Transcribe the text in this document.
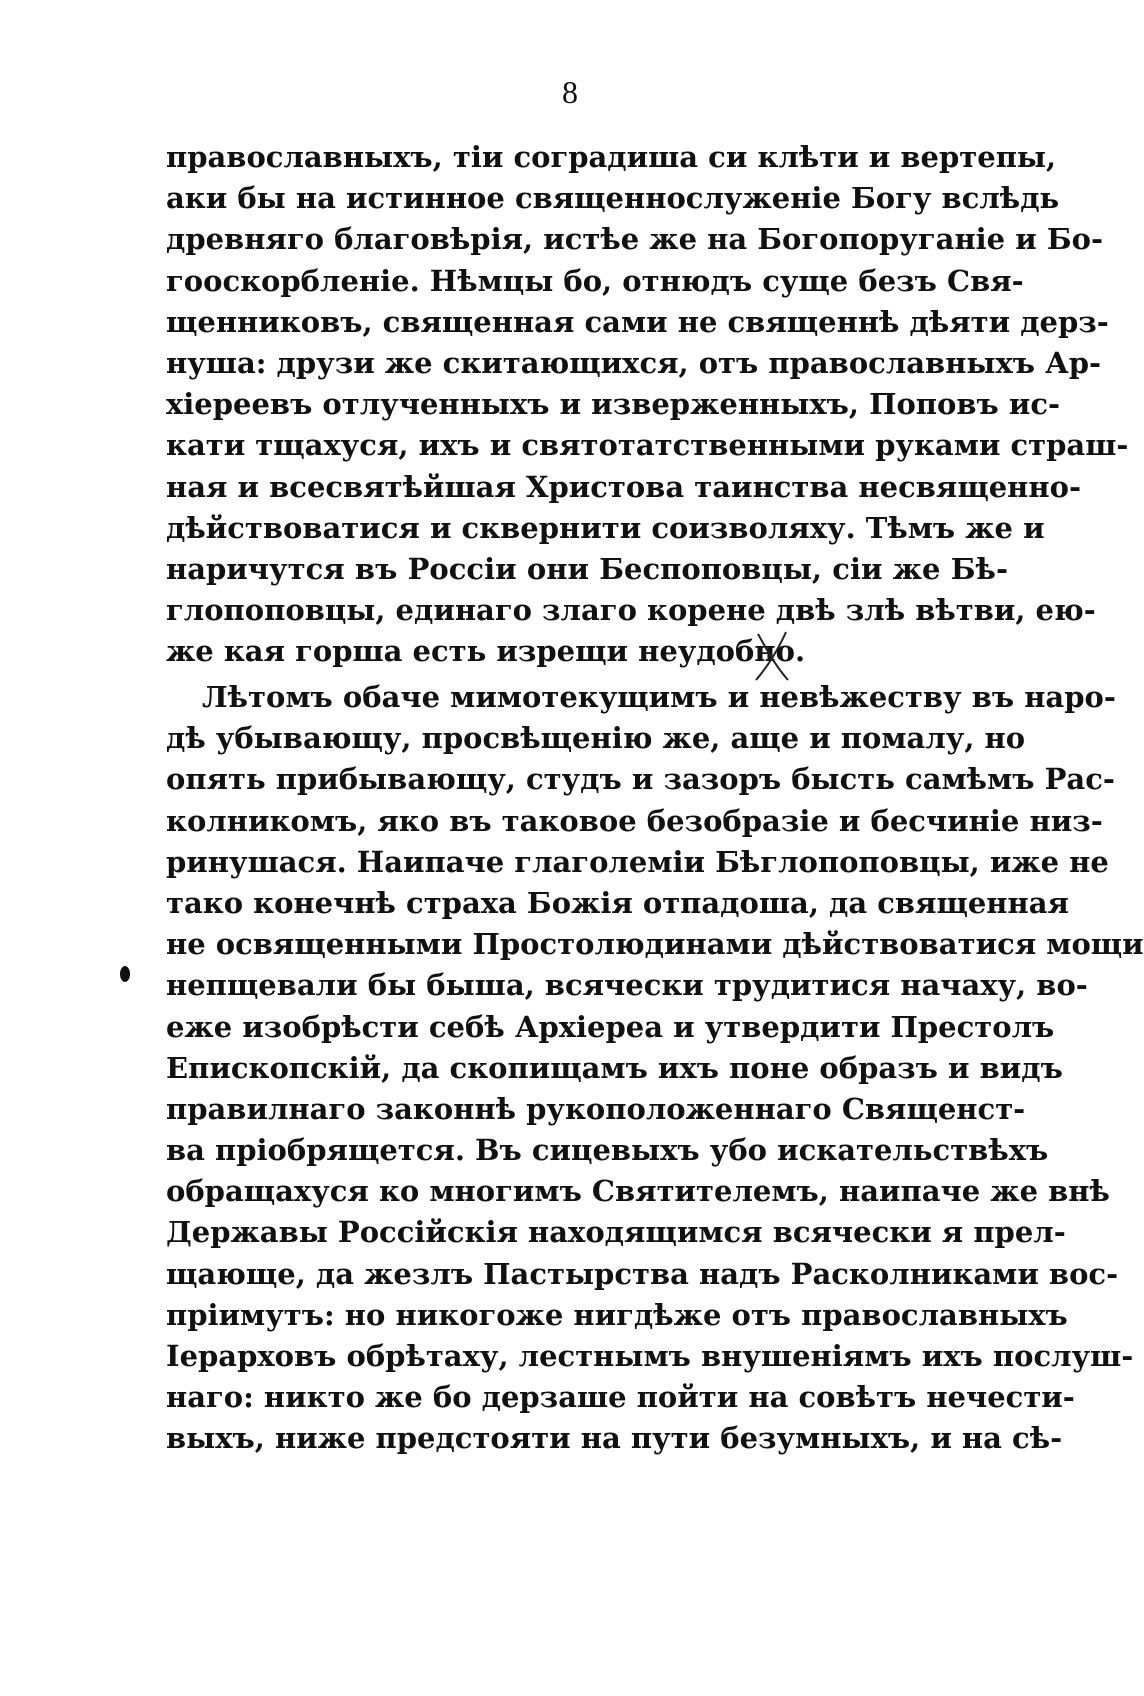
8
православныхъ, тіи соградиша си клѣти и вертепы,
аки бы на истинное священнослуженіе Богу вслѣдь
древняго благовѣрія, истѣе же на Богопоруганіе и Бо-
гооскорбленіе. Нѣмцы бо, отнюдъ суще безъ Свя-
щенниковъ, священная сами не священнѣ дѣяти дерз-
нуша: друзи же скитающихся, отъ православныхъ Ар-
хіереевъ отлученныхъ и изверженныхъ, Поповъ ис-
кати тщахуся, ихъ и святотатственными руками страш-
ная и всесвятѣйшая Христова таинства несвященно-
дѣйствоватися и сквернити соизволяху. Тѣмъ же и
наричутся въ Россіи они Беспоповцы, сіи же Бѣ-
глопоповцы, единаго злаго корене двѣ злѣ вѣтви, ею-
же кая горша есть изрещи неудобно.
Лѣтомъ обаче мимотекущимъ и невѣжеству въ наро-
дѣ убывающу, просвѣщенію же, аще и помалу, но
опять прибывающу, студъ и зазоръ бысть самѣмъ Рас-
колникомъ, яко въ таковое безобразіе и бесчиніе низ-
ринушася. Наипаче глаголеміи Бѣглопоповцы, иже не
тако конечнѣ страха Божія отпадоша, да священная
не освященными Простолюдинами дѣйствоватися мощи
непщевали бы быша, всячески трудитися начаху, во-
еже изобрѣсти себѣ Архіереа и утвердити Престолъ
Епископскій, да скопищамъ ихъ поне образъ и видъ
правилнаго законнѣ рукоположеннаго Священст-
ва пріобрящется. Въ сицевыхъ убо искательствѣхъ
обращахуся ко многимъ Святителемъ, наипаче же внѣ
Державы Россійскія находящимся всячески я прел-
щающе, да жезлъ Пастырства надъ Расколниками вос-
пріимутъ: но никогоже нигдѣже отъ православныхъ
Іерарховъ обрѣтаху, лестнымъ внушеніямъ ихъ послуш-
наго: никто же бо дерзаше пойти на совѣтъ нечести-
выхъ, ниже предстояти на пути безумныхъ, и на сѣ-
